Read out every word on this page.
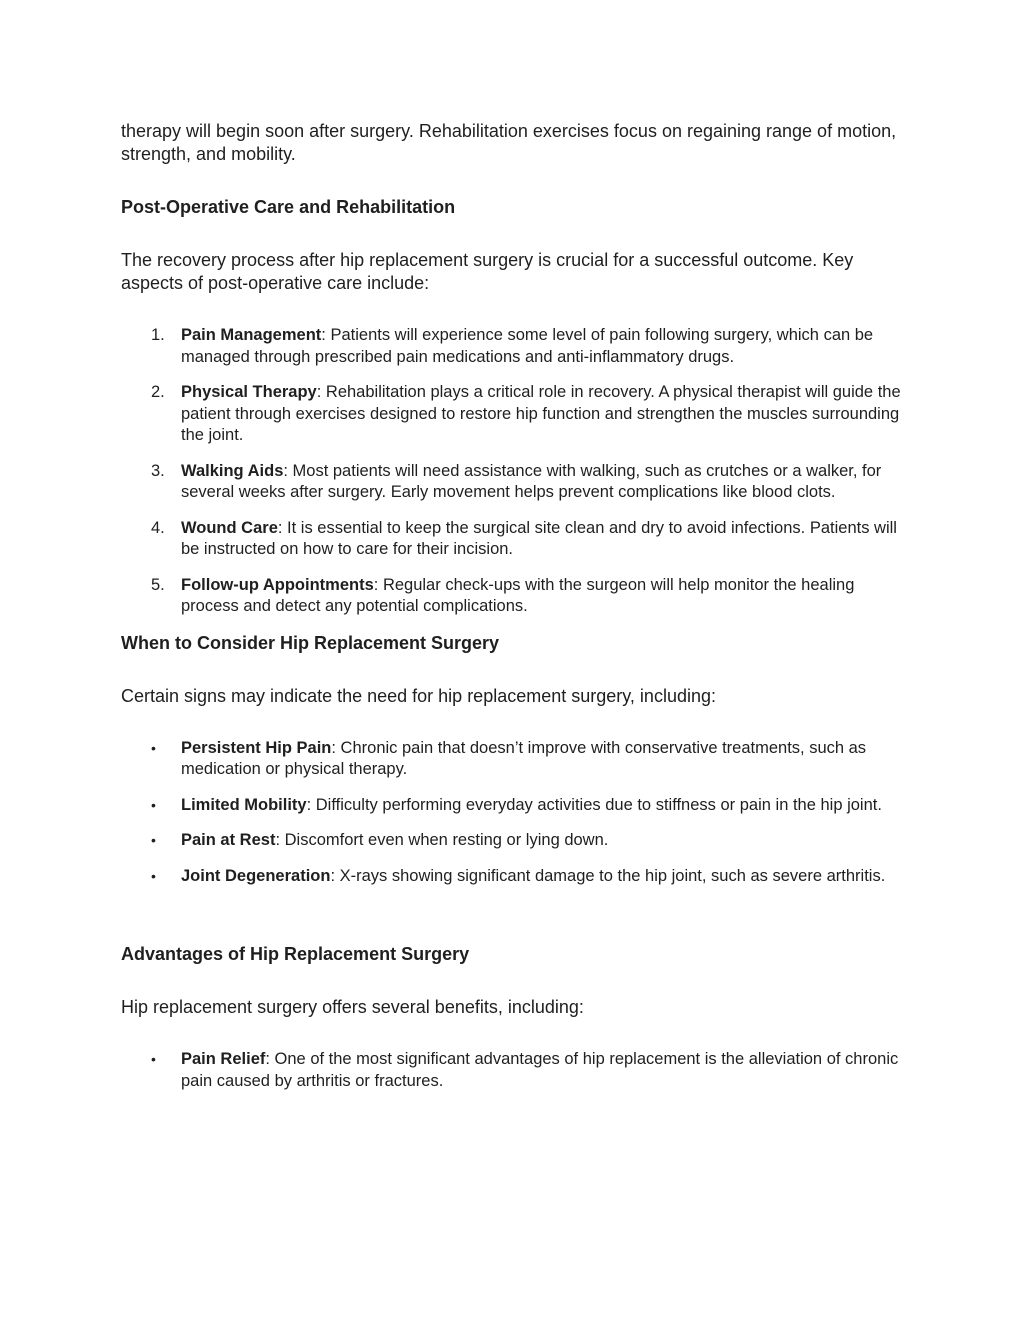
therapy will begin soon after surgery. Rehabilitation exercises focus on regaining range of motion, strength, and mobility.

Post-Operative Care and Rehabilitation

The recovery process after hip replacement surgery is crucial for a successful outcome. Key aspects of post-operative care include:

1. Pain Management: Patients will experience some level of pain following surgery, which can be managed through prescribed pain medications and anti-inflammatory drugs.
2. Physical Therapy: Rehabilitation plays a critical role in recovery. A physical therapist will guide the patient through exercises designed to restore hip function and strengthen the muscles surrounding the joint.
3. Walking Aids: Most patients will need assistance with walking, such as crutches or a walker, for several weeks after surgery. Early movement helps prevent complications like blood clots.
4. Wound Care: It is essential to keep the surgical site clean and dry to avoid infections. Patients will be instructed on how to care for their incision.
5. Follow-up Appointments: Regular check-ups with the surgeon will help monitor the healing process and detect any potential complications.
When to Consider Hip Replacement Surgery

Certain signs may indicate the need for hip replacement surgery, including:

• Persistent Hip Pain: Chronic pain that doesn’t improve with conservative treatments, such as medication or physical therapy.
• Limited Mobility: Difficulty performing everyday activities due to stiffness or pain in the hip joint.
• Pain at Rest: Discomfort even when resting or lying down.
• Joint Degeneration: X-rays showing significant damage to the hip joint, such as severe arthritis.
Advantages of Hip Replacement Surgery

Hip replacement surgery offers several benefits, including:

• Pain Relief: One of the most significant advantages of hip replacement is the alleviation of chronic pain caused by arthritis or fractures.
